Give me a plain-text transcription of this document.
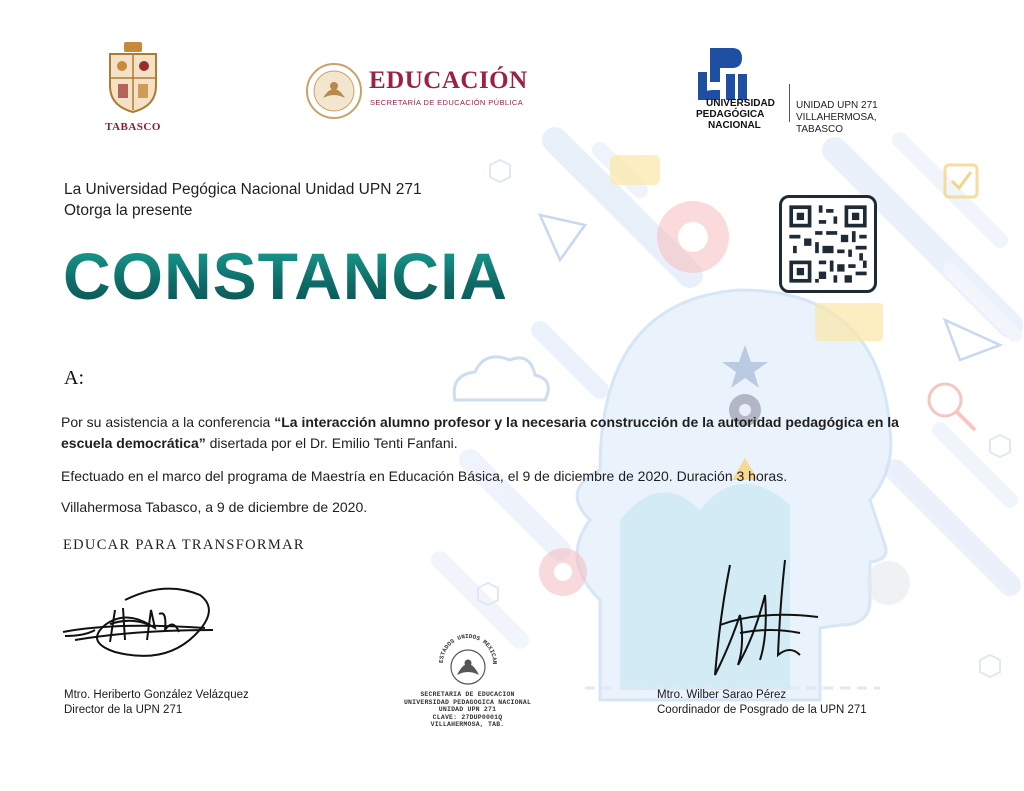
TABASCO
EDUCACIÓN
SECRETARÍA DE EDUCACIÓN PÚBLICA	UNIVERSIDAD
PEDAGÓGICA
NACIONAL
UNIDAD UPN 271
VILLAHERMOSA, TABASCO
La Universidad Pegógica Nacional Unidad UPN 271
Otorga la presente
CONSTANCIA
A:
Por su asistencia a la conferencia “La interacción alumno profesor y la necesaria construcción de la autoridad pedagógica en la escuela democrática” disertada por el Dr. Emilio Tenti Fanfani.
Efectuado en el marco del programa de Maestría en Educación Básica, el 9 de diciembre de 2020. Duración 3 horas.
Villahermosa Tabasco, a 9 de diciembre de 2020.
EDUCAR PARA TRANSFORMAR
Mtro. Heriberto González Velázquez
Director de la UPN 271
ESTADOS UNIDOS MEXICAN
SECRETARIA DE EDUCACION
UNIVERSIDAD PEDAGOGICA NACIONAL
UNIDAD UPN 271
CLAVE: 27DUP0001Q
VILLAHERMOSA, TAB.
Mtro. Wilber Sarao Pérez
Coordinador de Posgrado de la UPN 271
